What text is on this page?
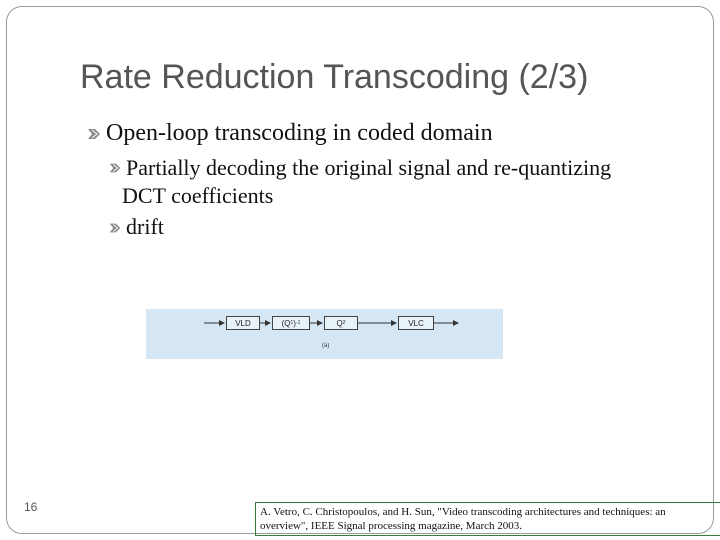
Rate Reduction Transcoding (2/3)
Open-loop transcoding in coded domain
Partially decoding the original signal and re-quantizing
DCT coefficients
drift
VLD	(Q 1 ) -1	Q 2	VLC
(a)
16	A. Vetro, C. Christopoulos, and H. Sun, "Video transcoding architectures and techniques: an
overview", IEEE Signal processing magazine, March 2003.
